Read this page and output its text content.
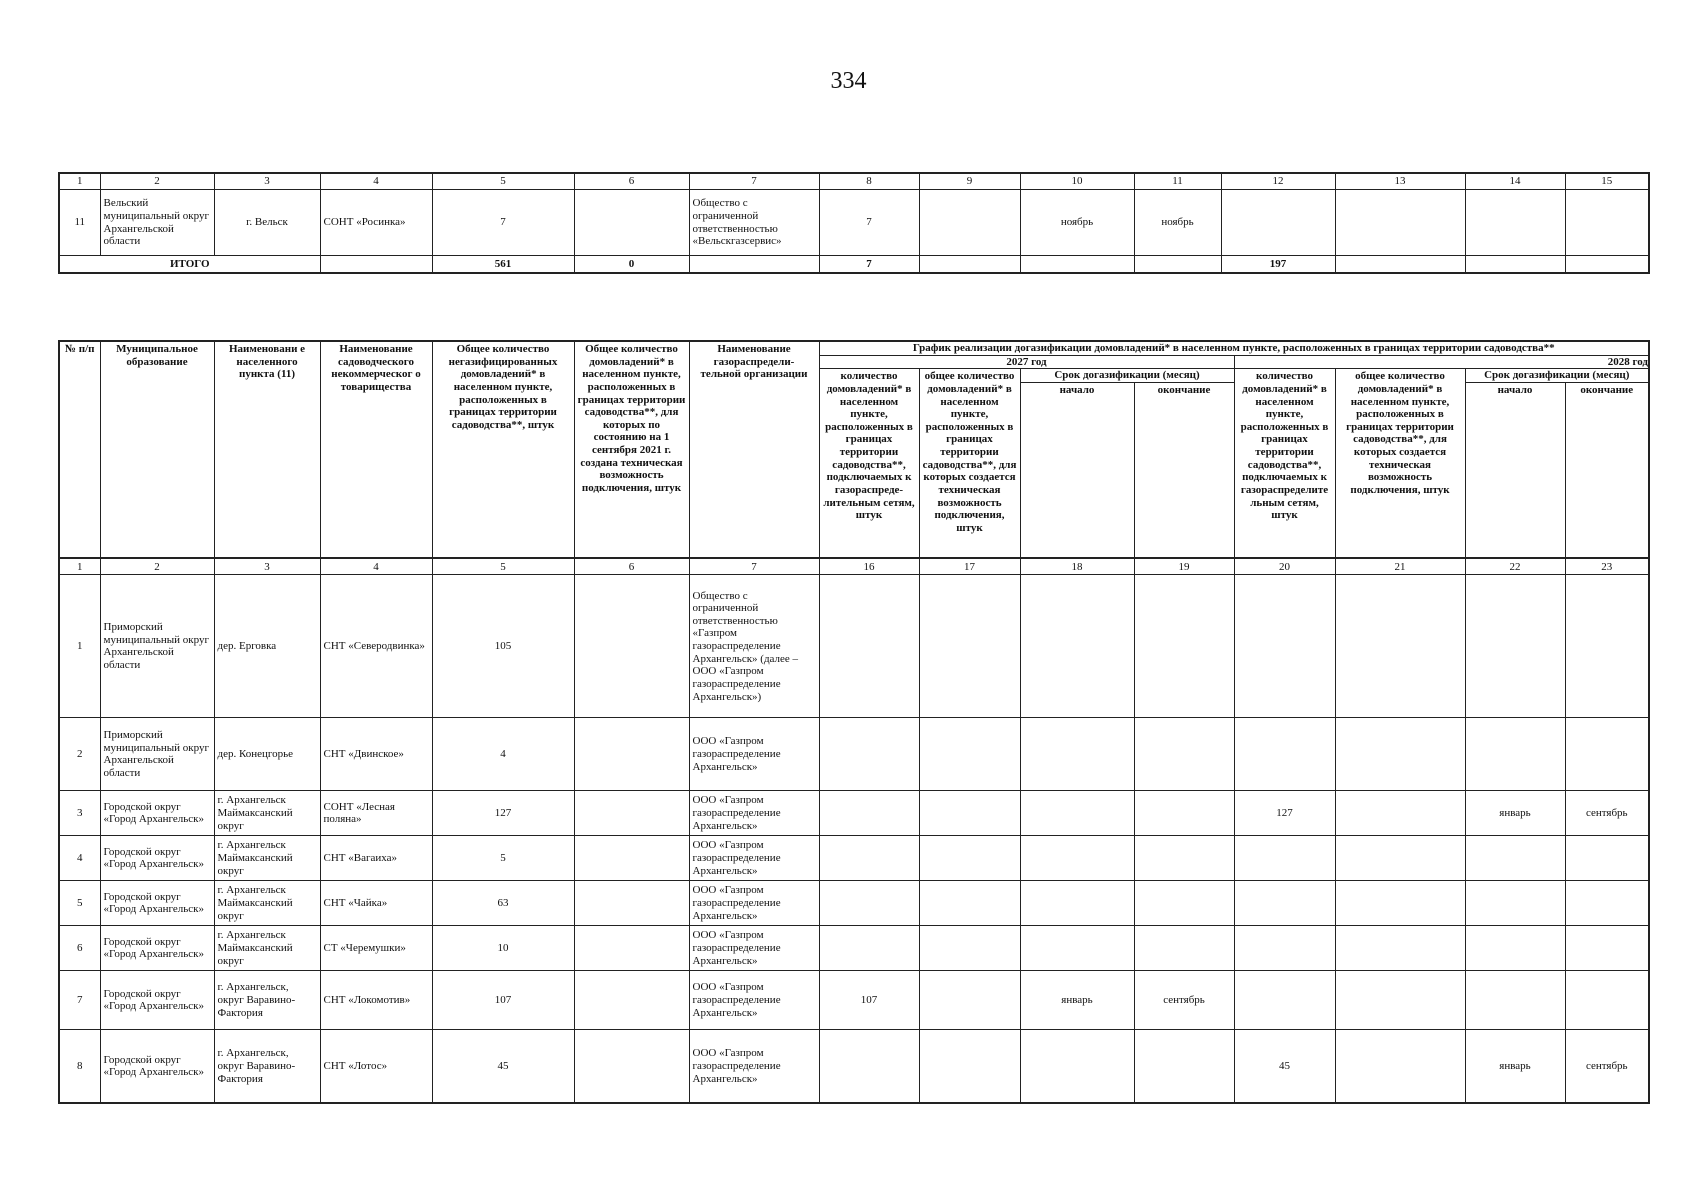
334
1	2	3	4	5	6	7	8	9	10	11	12	13	14	15
11	Вельский муниципальный округ Архангельской области	г. Вельск	СОНТ «Росинка»	7		Общество с ограниченной ответственностью «Вельскгазсервис»	7		ноябрь	ноябрь				
ИТОГО				561	0		7				197			
№ п/п	Муниципальное образование	Наименовани е населенного пункта (11)	Наименование садоводческого некоммерческог о товарищества	Общее количество негазифицированных домовладений* в населенном пункте, расположенных в границах территории садоводства**, штук	Общее количество домовладений* в населенном пункте, расположенных в границах территории садоводства**, для которых по состоянию на 1 сентября 2021 г. создана техническая возможность подключения, штук	Наименование газораспредели- тельной организации	График реализации догазификации домовладений* в населенном пункте, расположенных в границах территории садоводства**							
							2027 год				2028 год			
							количество домовладений* в населенном пункте, расположенных в границах территории садоводства**, подключаемых к газораспреде- лительным сетям, штук	общее количество домовладений* в населенном пункте, расположенных в границах территории садоводства**, для которых создается техническая возможность подключения, штук	Срок догазификации (месяц)		количество домовладений* в населенном пункте, расположенных в границах территории садоводства**, подключаемых к газораспределите льным сетям, штук	общее количество домовладений* в населенном пункте, расположенных в границах территории садоводства**, для которых создается техническая возможность подключения, штук	Срок догазификации (месяц)	
									начало	окончание			начало	окончание
1	2	3	4	5	6	7	16	17	18	19	20	21	22	23
1	Приморский муниципальный округ Архангельской области	дер. Ерговка	СНТ «Северодвинка»	105		Общество с ограниченной ответственностью «Газпром газораспределение Архангельск» (далее – ООО «Газпром газораспределение Архангельск»)								
2	Приморский муниципальный округ Архангельской области	дер. Конецгорье	СНТ «Двинское»	4		ООО «Газпром газораспределение Архангельск»								
3	Городской округ «Город Архангельск»	г. Архангельск Маймаксанский округ	СОНТ «Лесная поляна»	127		ООО «Газпром газораспределение Архангельск»					127		январь	сентябрь
4	Городской округ «Город Архангельск»	г. Архангельск Маймаксанский округ	СНТ «Вагаиха»	5		ООО «Газпром газораспределение Архангельск»								
5	Городской округ «Город Архангельск»	г. Архангельск Маймаксанский округ	СНТ «Чайка»	63		ООО «Газпром газораспределение Архангельск»								
6	Городской округ «Город Архангельск»	г. Архангельск Маймаксанский округ	СТ «Черемушки»	10		ООО «Газпром газораспределение Архангельск»								
7	Городской округ «Город Архангельск»	г. Архангельск, округ Варавино-Фактория	СНТ «Локомотив»	107		ООО «Газпром газораспределение Архангельск»	107		январь	сентябрь				
8	Городской округ «Город Архангельск»	г. Архангельск, округ Варавино-Фактория	СНТ «Лотос»	45		ООО «Газпром газораспределение Архангельск»					45		январь	сентябрь
